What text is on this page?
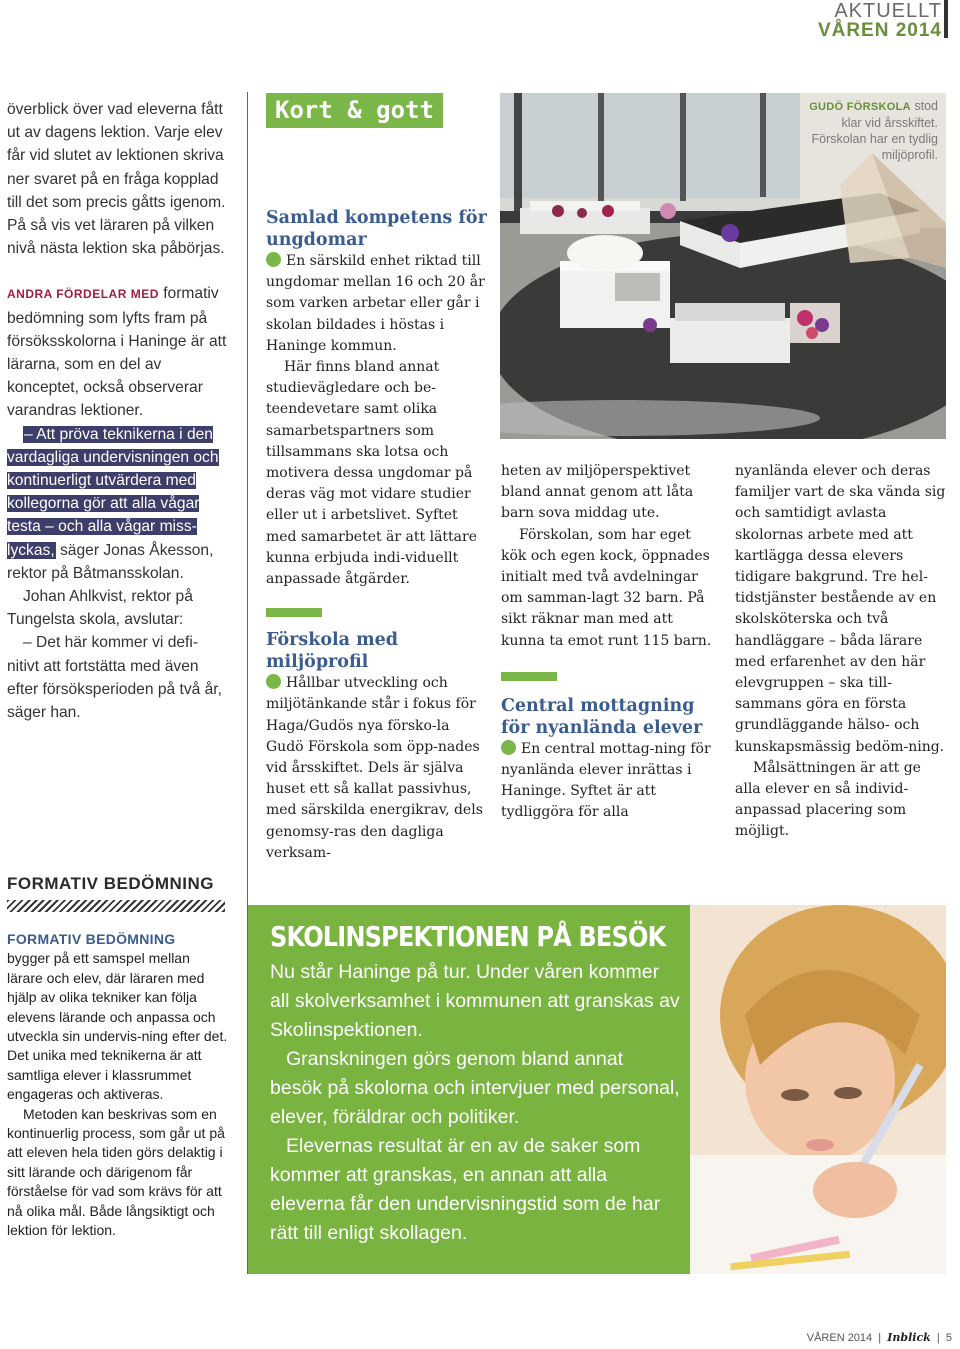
AKTUELLT
VÅREN 2014

överblick över vad eleverna fått ut av dagens lektion. Varje elev får vid slutet av lektionen skriva ner svaret på en fråga kopplad till det som precis gåtts igenom. På så vis vet läraren på vilken nivå nästa lektion ska påbörjas.

ANDRA FÖRDELAR MED formativ bedömning som lyfts fram på försöksskolorna i Haninge är att lärarna, som en del av konceptet, också observerar varandras lektioner.

– Att pröva teknikerna i den vardagliga undervisningen och kontinuerligt utvärdera med kollegorna gör att alla vågar testa – och alla vågar miss-lyckas, säger Jonas Åkesson, rektor på Båtmansskolan.

Johan Ahlkvist, rektor på Tungelsta skola, avslutar:

– Det här kommer vi defi-nitivt att fortstätta med även efter försöksperioden på två år, säger han.

FORMATIV BEDÖMNING

FORMATIV BEDÖMNING

bygger på ett samspel mellan lärare och elev, där läraren med hjälp av olika tekniker kan följa elevens lärande och anpassa och utveckla sin undervis-ning efter det. Det unika med teknikerna är att samtliga elever i klassrummet engageras och aktiveras.

Metoden kan beskrivas som en kontinuerlig process, som går ut på att eleven hela tiden görs delaktig i sitt lärande och därigenom får förståelse för vad som krävs för att nå olika mål. Både långsiktigt och lektion för lektion.

Kort & gott
Samlad kompetens för ungdomar

En särskild enhet riktad till ungdomar mellan 16 och 20 år som varken arbetar eller går i skolan bildades i höstas i Haninge kommun.

Här finns bland annat studievägledare och be-teendevetare samt olika samarbetspartners som tillsammans ska lotsa och motivera dessa ungdomar på deras väg mot vidare studier eller ut i arbetslivet. Syftet med samarbetet är att lättare kunna erbjuda indi-viduellt anpassade åtgärder.

Förskola med miljöprofil

Hållbar utveckling och miljötänkande står i fokus för Haga/Gudös nya försko-la Gudö Förskola som öpp-nades vid årsskiftet. Dels är själva huset ett så kallat passivhus, med särskilda energikrav, dels genomsy-ras den dagliga verksam-

heten av miljöperspektivet bland annat genom att låta barn sova middag ute.

Förskolan, som har eget kök och egen kock, öppnades initialt med två avdelningar om samman-lagt 32 barn. På sikt räknar man med att kunna ta emot runt 115 barn.

Central mottagning för nyanlända elever

En central mottag-ning för nyanlända elever inrättas i Haninge. Syftet är att tydliggöra för alla

nyanlända elever och deras familjer vart de ska vända sig och samtidigt avlasta skolornas arbete med att kartlägga dessa elevers tidigare bakgrund. Tre hel-tidstjänster bestående av en skolsköterska och två handläggare – båda lärare med erfarenhet av den här elevgruppen – ska till-sammans göra en första grundläggande hälso- och kunskapsmässig bedöm-ning.

Målsättningen är att ge alla elever en så individ-anpassad placering som möjligt.

GUDÖ FÖRSKOLA stod klar vid årsskiftet. Förskolan har en tydlig miljöprofil.
SKOLINSPEKTIONEN PÅ BESÖK

Nu står Haninge på tur. Under våren kommer all skolverksamhet i kommunen att granskas av Skolinspektionen.

Granskningen görs genom bland annat besök på skolorna och intervjuer med personal, elever, föräldrar och politiker.

Elevernas resultat är en av de saker som kommer att granskas, en annan att alla eleverna får den undervisningstid som de har rätt till enligt skollagen.

VÅREN 2014  |  Inblick  |  5
